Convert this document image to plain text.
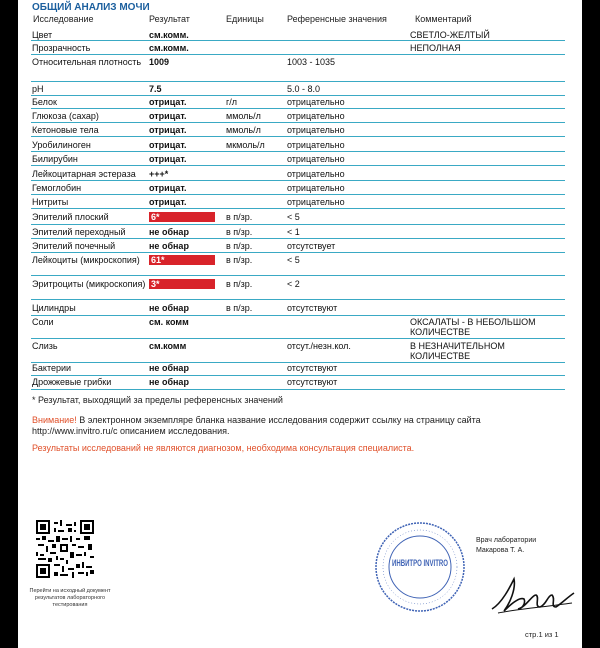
ОБЩИЙ АНАЛИЗ МОЧИ
Исследование	Результат	Единицы	Референсные значения	Комментарий
Цвет	см.комм.	СВЕТЛО-ЖЕЛТЫЙ
Прозрачность	см.комм.	НЕПОЛНАЯ
Относительная плотность 1009	1003 - 1035
pH	7.5	5.0 - 8.0
Белок	отрицат.	г/л	отрицательно
Глюкоза (сахар)	отрицат.	ммоль/л	отрицательно
Кетоновые тела	отрицат.	ммоль/л	отрицательно
Уробилиноген	отрицат.	мкмоль/л	отрицательно
Билирубин	отрицат.	отрицательно
Лейкоцитарная эстераза	+++*	отрицательно
Гемоглобин	отрицат.	отрицательно
Нитриты	отрицат.	отрицательно
Эпителий плоский	6*	в п/зр.	< 5
Эпителий переходный	не обнар	в п/зр.	< 1
Эпителий почечный	не обнар	в п/зр.	отсутствует
Лейкоциты (микроскопия)	61*	в п/зр.	< 5
Эритроциты (микроскопия) 3*	в п/зр.	< 2
Цилиндры	не обнар	в п/зр.	отсутствуют
Соли	см. комм	ОКСАЛАТЫ - В НЕБОЛЬШОМ КОЛИЧЕСТВЕ
Слизь	см.комм	отсут./незн.кол.	В НЕЗНАЧИТЕЛЬНОМ КОЛИЧЕСТВЕ
Бактерии	не обнар	отсутствуют
Дрожжевые грибки	не обнар	отсутствуют
* Результат, выходящий за пределы референсных значений
Внимание! В электронном экземпляре бланка название исследования содержит ссылку на страницу сайта http://www.invitro.ru/с описанием исследования.
Результаты исследований не являются диагнозом, необходима консультация специалиста.
Перейти на исходный документ результатов лабораторного тестирования
ИНВИТРО INVITRO
Врач лаборатории
Макарова Т. А.
стр.1 из 1
